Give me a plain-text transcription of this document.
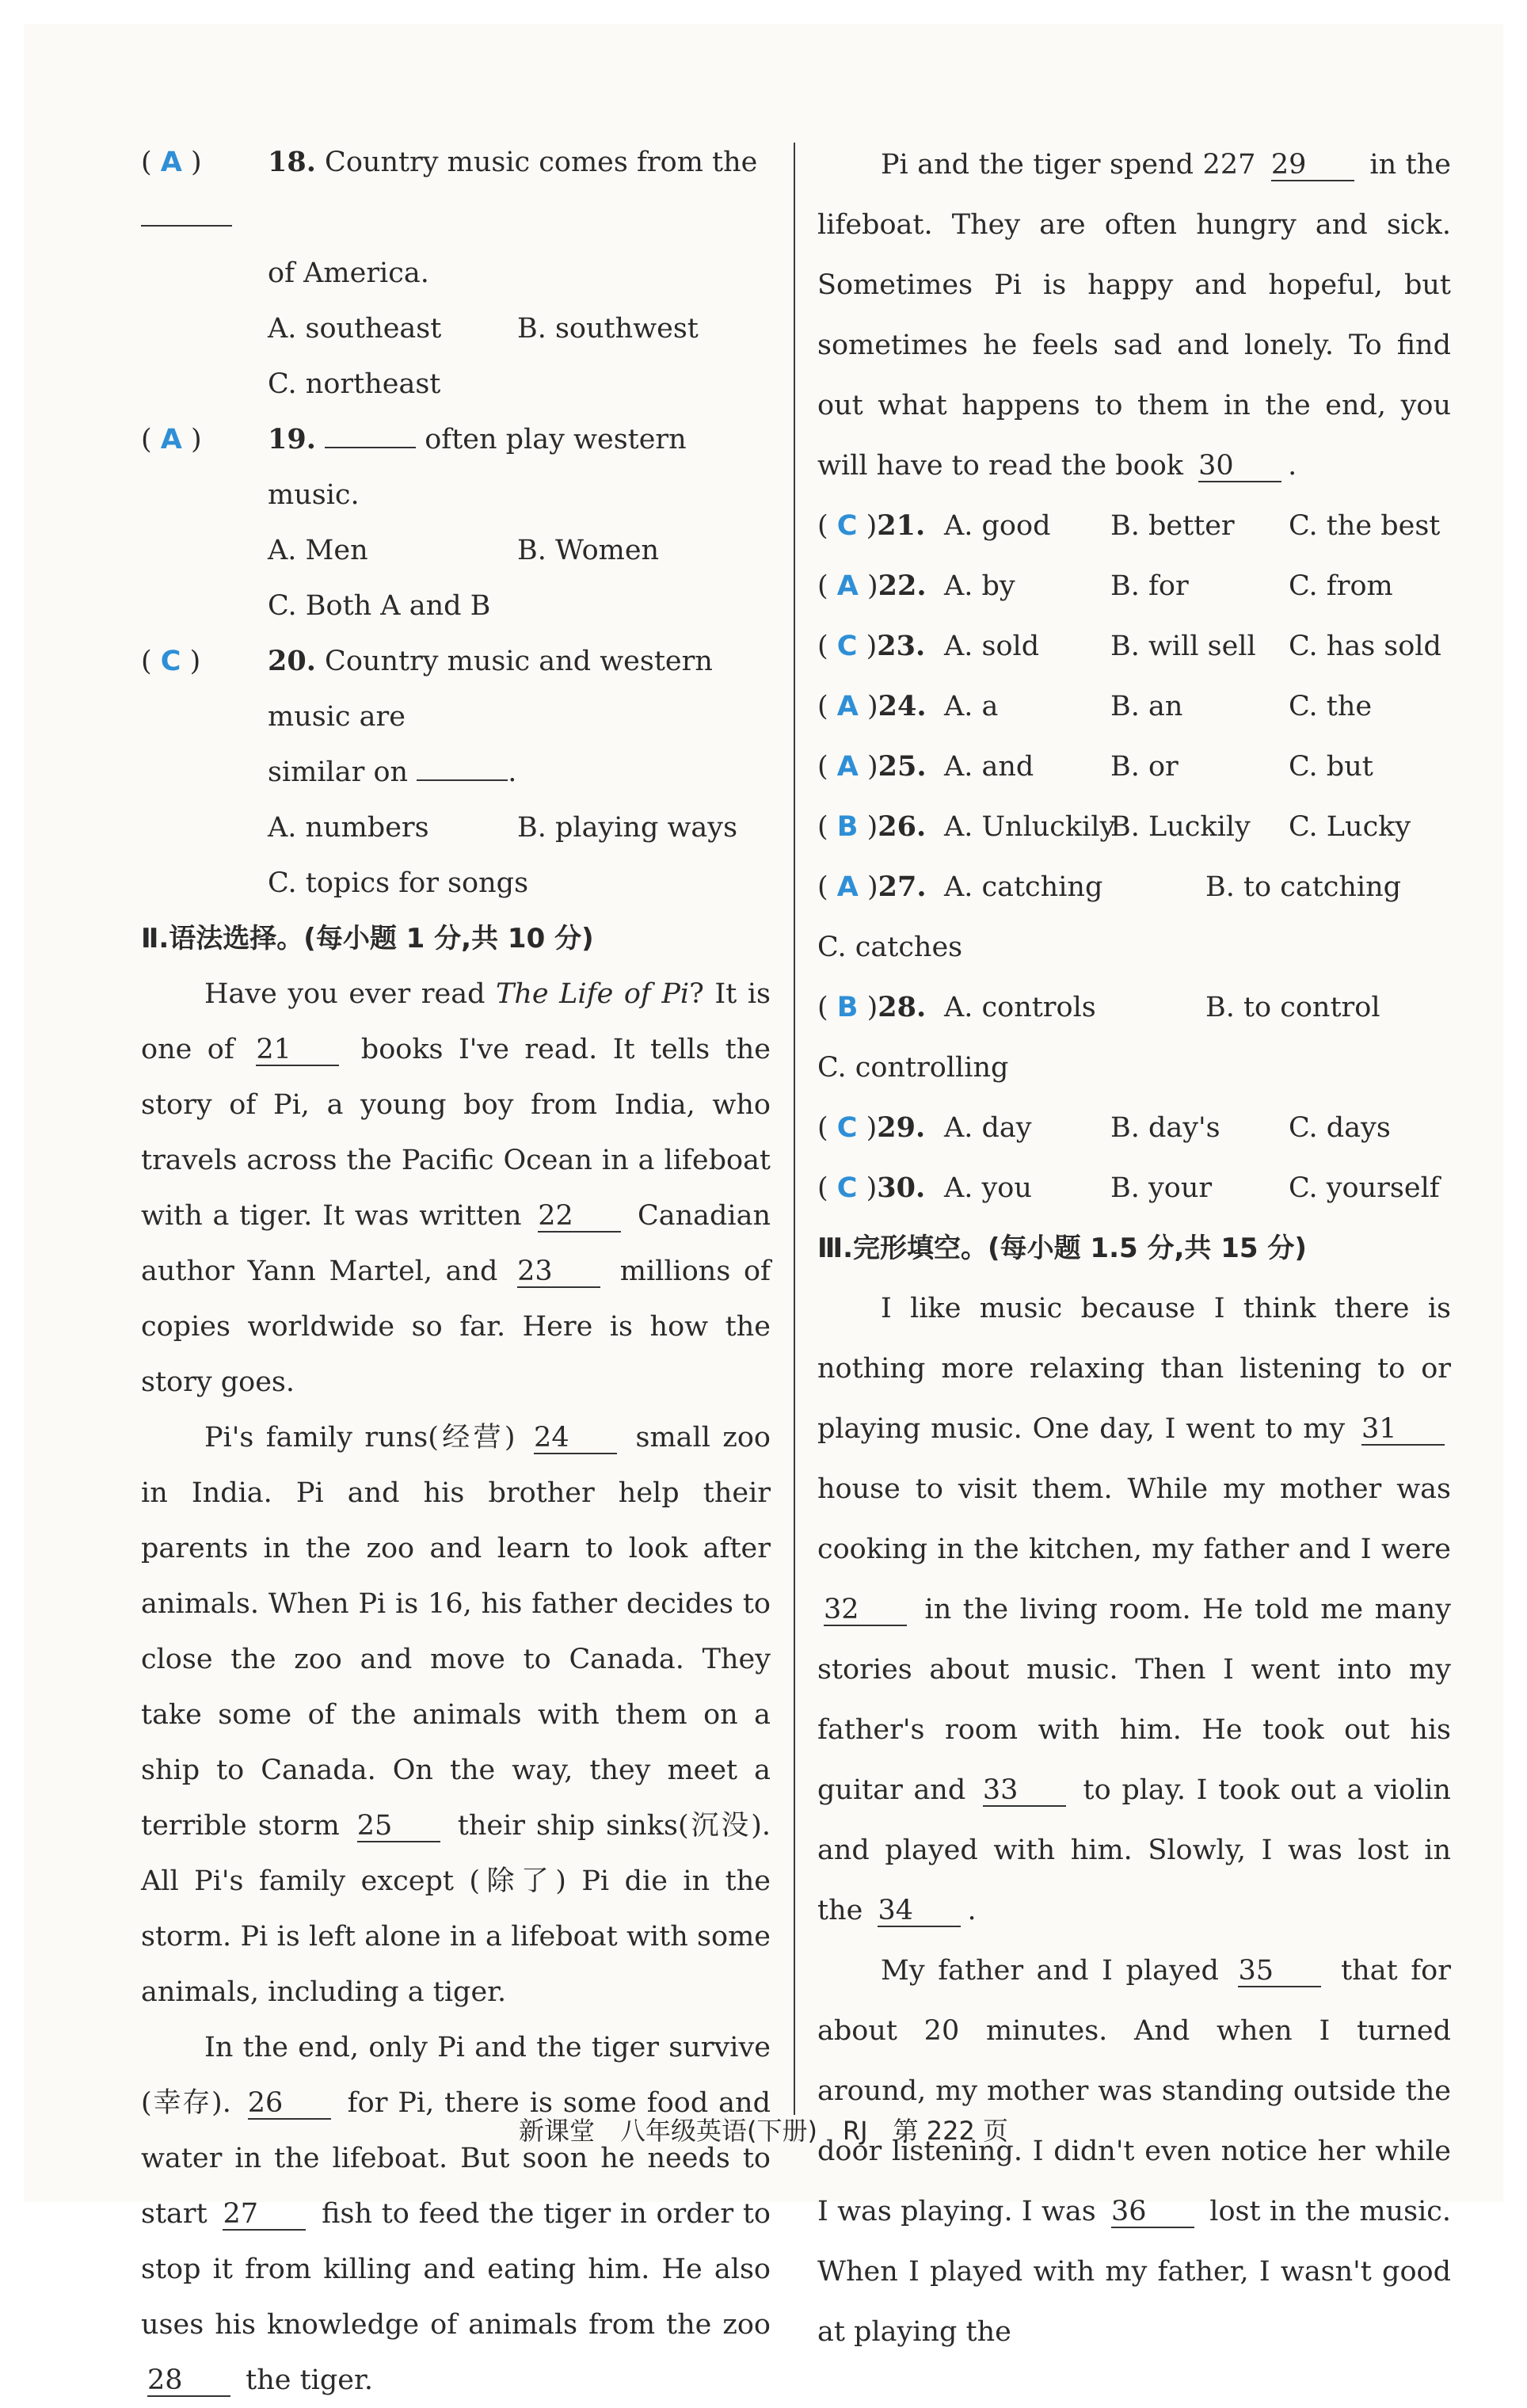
( A )	18. Country music comes from the
of America.
A. southeast	B. southwest
C. northeast
( A )	19.	often play western music.
A. Men	B. Women
C. Both A and B
( C )	20. Country music and western music are
similar on	.
A. numbers	B. playing ways
C. topics for songs
Ⅱ.语法选择。(每小题 1 分,共 10 分)
Have you ever read The Life of Pi? It is one of 21	books I've read. It tells the story of Pi, a young boy from India, who travels across the Pacific Ocean in a lifeboat with a tiger. It was written 22 Canadian author Yann Martel, and 23 millions of copies worldwide so far. Here is how the story goes.
Pi's family runs(经营) 24 small zoo in India. Pi and his brother help their parents in the zoo and learn to look after animals. When Pi is 16, his father decides to close the zoo and move to Canada. They take some of the animals with them on a ship to Canada. On the way, they meet a terrible storm 25 their ship sinks(沉没). All Pi's family except (除了) Pi die in the storm. Pi is left alone in a lifeboat with some animals, including a tiger.
In the end, only Pi and the tiger survive (幸存). 26 for Pi, there is some food and water in the lifeboat. But soon he needs to start 27 fish to feed the tiger in order to stop it from killing and eating him. He also uses his knowledge of animals from the zoo 28 the tiger.
Pi and the tiger spend 227 29 in the lifeboat. They are often hungry and sick. Sometimes Pi is happy and hopeful, but sometimes he feels sad and lonely. To find out what happens to them in the end, you will have to read the book 30 .
( C )21. A. good B. better C. the best
( A )22. A. by	B. for	C. from
( C )23. A. sold	B. will sell C. has sold
( A )24. A. a	B. an	C. the
( A )25. A. and	B. or	C. but
( B )26. A. UnluckilyB. Luckily C. Lucky
( A )27. A. catching	B. to catching
C. catches
( B )28. A. controls	B. to control
C. controlling
( C )29. A. day	B. day's C. days
( C )30. A. you	B. your	C. yourself
Ⅲ.完形填空。(每小题 1.5 分,共 15 分)
I like music because I think there is nothing more relaxing than listening to or playing music. One day, I went to my 31 house to visit them. While my mother was cooking in the kitchen, my father and I were 32 in the living room. He told me many stories about music. Then I went into my father's room with him. He took out his guitar and 33 to play. I took out a violin and played with him. Slowly, I was lost in the 34 .
My father and I played 35 that for about 20 minutes. And when I turned around, my mother was standing outside the door listening. I didn't even notice her while I was playing. I was 36 lost in the music. When I played with my father, I wasn't good at playing the
新课堂　八年级英语(下册)　RJ　第 222 页
